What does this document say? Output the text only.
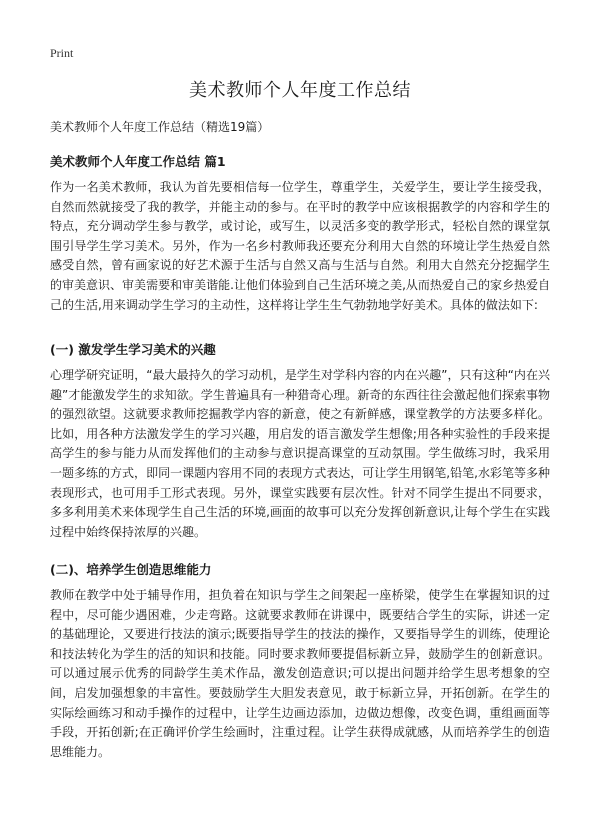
Print
美术教师个人年度工作总结

美术教师个人年度工作总结（精选19篇）

美术教师个人年度工作总结 篇1

作为一名美术教师，我认为首先要相信每一位学生，尊重学生，关爱学生，要让学生接受我，自然而然就接受了我的教学，并能主动的参与。在平时的教学中应该根据教学的内容和学生的特点，充分调动学生参与教学，或讨论，或写生，以灵活多变的教学形式，轻松自然的课堂氛围引导学生学习美术。另外，作为一名乡村教师我还要充分利用大自然的环境让学生热爱自然感受自然，曾有画家说的好艺术源于生活与自然又高与生活与自然。利用大自然充分挖掘学生的审美意识、审美需要和审美谐能.让他们体验到自己生活环境之美,从而热爱自己的家乡热爱自己的生活,用来调动学生学习的主动性，这样将让学生生气勃勃地学好美术。具体的做法如下:

(一) 激发学生学习美术的兴趣

心理学研究证明，“最大最持久的学习动机，是学生对学科内容的内在兴趣”，只有这种“内在兴趣”才能激发学生的求知欲。学生普遍具有一种猎奇心理。新奇的东西往往会激起他们探索事物的强烈欲望。这就要求教师挖掘教学内容的新意，使之有新鲜感，课堂教学的方法要多样化。比如，用各种方法激发学生的学习兴趣，用启发的语言激发学生想像;用各种实验性的手段来提高学生的参与能力从而发挥他们的主动参与意识提高课堂的互动氛围。学生做练习时，我采用一题多练的方式，即同一课题内容用不同的表现方式表达，可让学生用钢笔,铅笔,水彩笔等多种表现形式，也可用手工形式表现。另外，课堂实践要有层次性。针对不同学生提出不同要求，多多利用美术来体现学生自己生活的环境,画面的故事可以充分发挥创新意识,让每个学生在实践过程中始终保持浓厚的兴趣。

(二)、培养学生创造思维能力

教师在教学中处于辅导作用，担负着在知识与学生之间架起一座桥梁，使学生在掌握知识的过程中，尽可能少遇困难，少走弯路。这就要求教师在讲课中，既要结合学生的实际，讲述一定的基础理论，又要进行技法的演示;既要指导学生的技法的操作，又要指导学生的训练，使理论和技法转化为学生的活的知识和技能。同时要求教师要提倡标新立异，鼓励学生的创新意识。可以通过展示优秀的同龄学生美术作品，激发创造意识;可以提出问题并给学生思考想象的空间，启发加强想象的丰富性。要鼓励学生大胆发表意见，敢于标新立异，开拓创新。在学生的实际绘画练习和动手操作的过程中，让学生边画边添加，边做边想像，改变色调，重组画面等手段，开拓创新;在正确评价学生绘画时，注重过程。让学生获得成就感，从而培养学生的创造思维能力。
